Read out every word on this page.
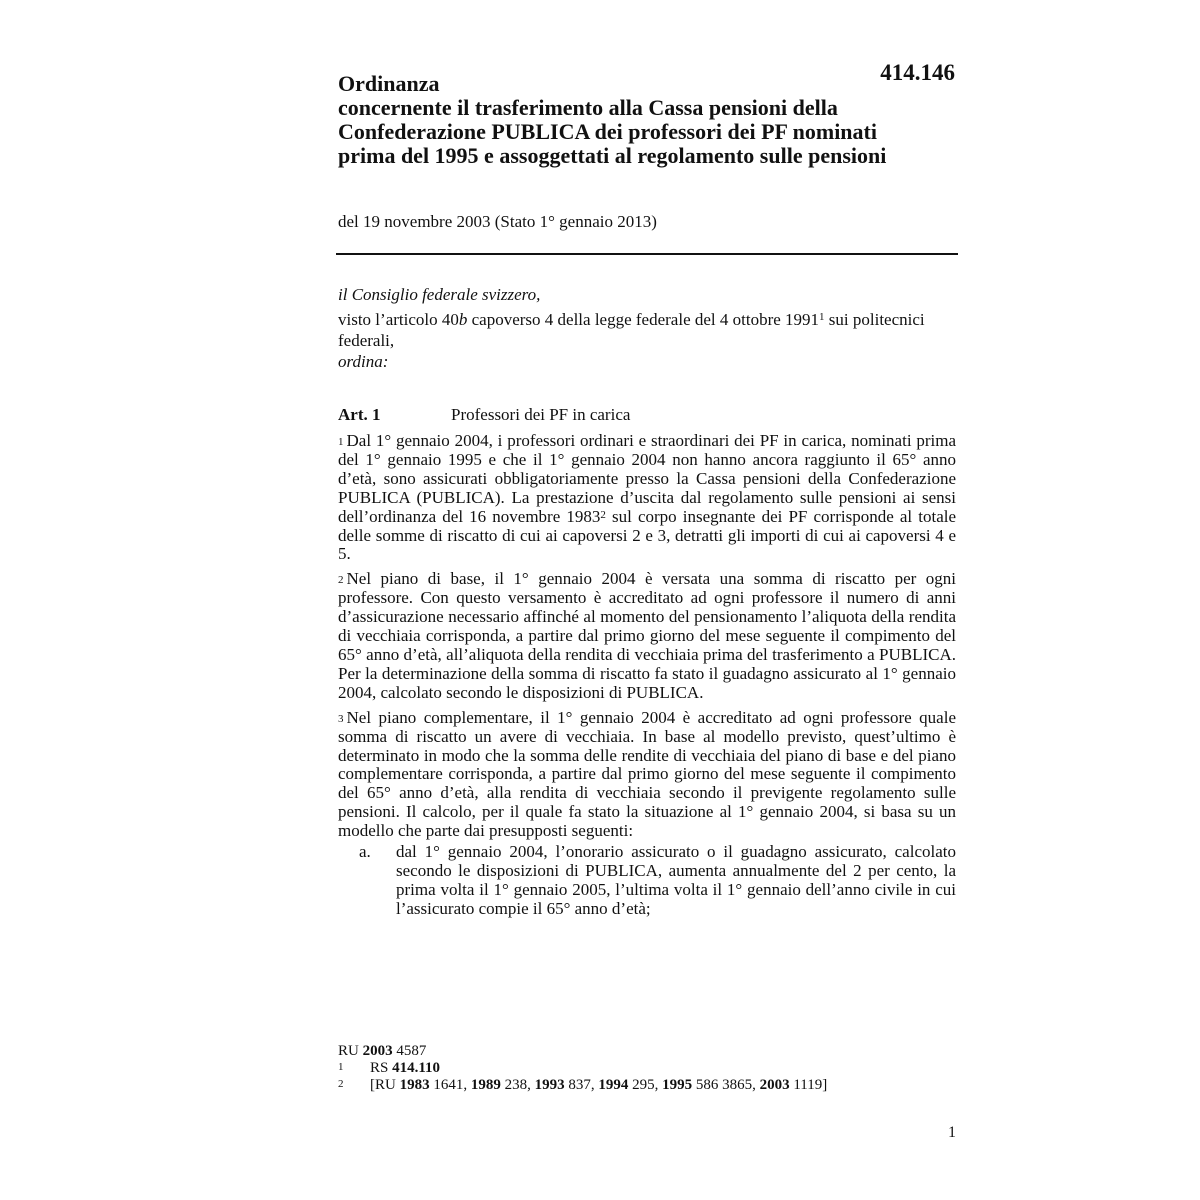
414.146
Ordinanza
concernente il trasferimento alla Cassa pensioni della
Confederazione PUBLICA dei professori dei PF nominati
prima del 1995 e assoggettati al regolamento sulle pensioni
del 19 novembre 2003 (Stato 1° gennaio 2013)
il Consiglio federale svizzero,
visto l’articolo 40b capoverso 4 della legge federale del 4 ottobre 1991$^1$ sui politecnici federali,
ordina:
Art. 1	Professori dei PF in carica

$^1$ Dal 1° gennaio 2004, i professori ordinari e straordinari dei PF in carica, nominati prima del 1° gennaio 1995 e che il 1° gennaio 2004 non hanno ancora raggiunto il 65° anno d’età, sono assicurati obbligatoriamente presso la Cassa pensioni della Confederazione PUBLICA (PUBLICA). La prestazione d’uscita dal regolamento sulle pensioni ai sensi dell’ordinanza del 16 novembre 1983$^2$ sul corpo insegnante dei PF corrisponde al totale delle somme di riscatto di cui ai capoversi 2 e 3, detratti gli importi di cui ai capoversi 4 e 5.

$^2$ Nel piano di base, il 1° gennaio 2004 è versata una somma di riscatto per ogni professore. Con questo versamento è accreditato ad ogni professore il numero di anni d’assicurazione necessario affinché al momento del pensionamento l’aliquota della rendita di vecchiaia corrisponda, a partire dal primo giorno del mese seguente il compimento del 65° anno d’età, all’aliquota della rendita di vecchiaia prima del trasferimento a PUBLICA. Per la determinazione della somma di riscatto fa stato il guadagno assicurato al 1° gennaio 2004, calcolato secondo le disposizioni di PUBLICA.

$^3$ Nel piano complementare, il 1° gennaio 2004 è accreditato ad ogni professore quale somma di riscatto un avere di vecchiaia. In base al modello previsto, quest’ultimo è determinato in modo che la somma delle rendite di vecchiaia del piano di base e del piano complementare corrisponda, a partire dal primo giorno del mese seguente il compimento del 65° anno d’età, alla rendita di vecchiaia secondo il previgente regolamento sulle pensioni. Il calcolo, per il quale fa stato la situazione al 1° gennaio 2004, si basa su un modello che parte dai presupposti seguenti:

a.	dal 1° gennaio 2004, l’onorario assicurato o il guadagno assicurato, calcolato secondo le disposizioni di PUBLICA, aumenta annualmente del 2 per cento, la prima volta il 1° gennaio 2005, l’ultima volta il 1° gennaio dell’anno civile in cui l’assicurato compie il 65° anno d’età;
RU 2003 4587
1	RS 414.110
2	[RU 1983 1641, 1989 238, 1993 837, 1994 295, 1995 586 3865, 2003 1119]
1
